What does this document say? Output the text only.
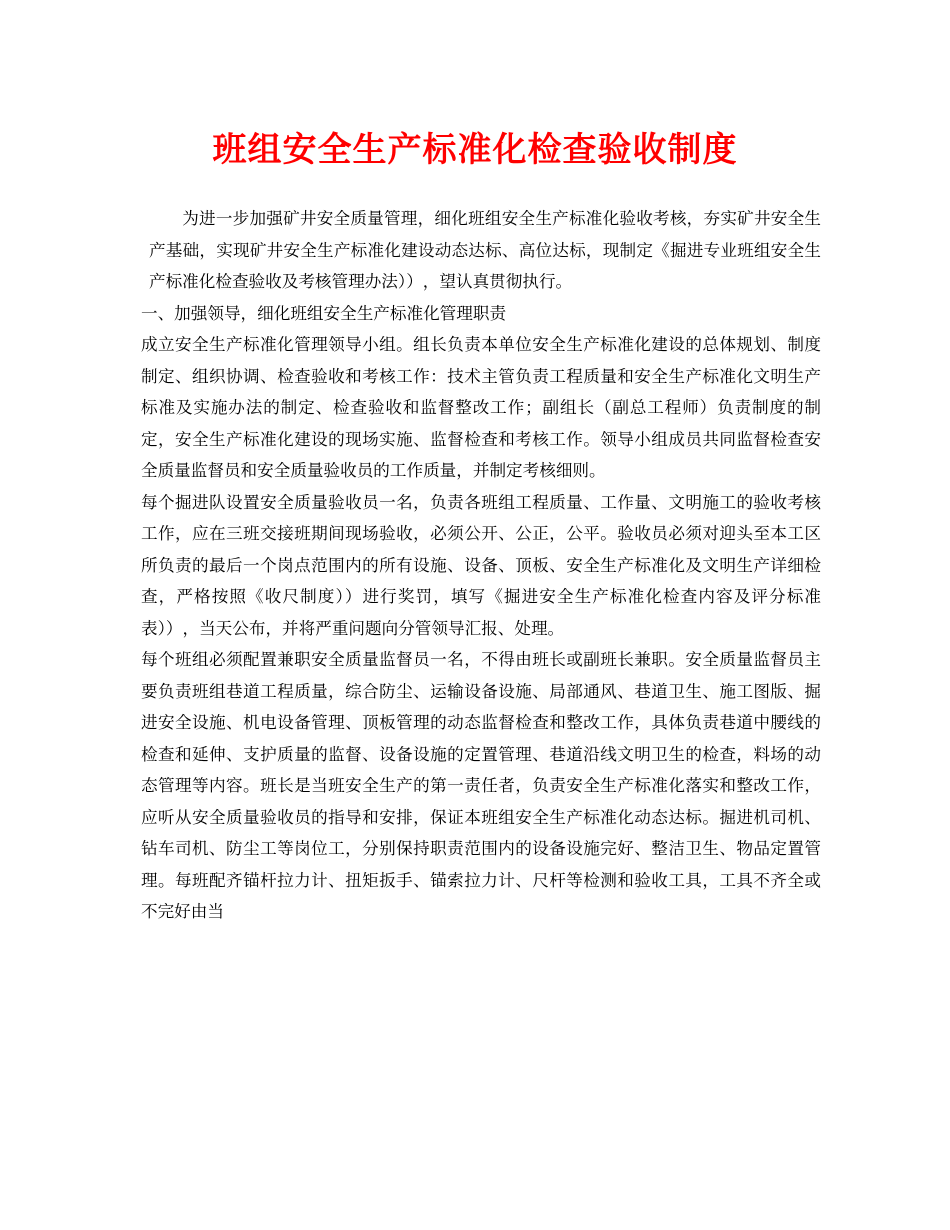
班组安全生产标准化检查验收制度

为进一步加强矿井安全质量管理，细化班组安全生产标准化验收考核，夯实矿井安全生产基础，实现矿井安全生产标准化建设动态达标、高位达标，现制定《掘进专业班组安全生产标准化检查验收及考核管理办法））﻿，望认真贯彻执行。

一、加强领导，细化班组安全生产标准化管理职责

成立安全生产标准化管理领导小组。组长负责本单位安全生产标准化建设的总体规划、制度制定、组织协调、检查验收和考核工作：技术主管负责工程质量和安全生产标准化文明生产标准及实施办法的制定、检查验收和监督整改工作；副组长（副总工程师）负责制度的制定，安全生产标准化建设的现场实施、监督检查和考核工作。领导小组成员共同监督检查安全质量监督员和安全质量验收员的工作质量，并制定考核细则。

每个掘进队设置安全质量验收员一名，负责各班组工程质量、工作量、文明施工的验收考核工作，应在三班交接班期间现场验收，必须公开、公正，公平。验收员必须对迎头至本工区所负责的最后一个岗点范围内的所有设施、设备、顶板、安全生产标准化及文明生产详细检查，严格按照《收尺制度））进行奖罚，填写《掘进安全生产标准化检查内容及评分标准表））﻿，当天公布，并将严重问题向分管领导汇报、处理。

每个班组必须配置兼职安全质量监督员一名，不得由班长或副班长兼职。安全质量监督员主要负责班组巷道工程质量，综合防尘、运输设备设施、局部通风、巷道卫生、施工图版、掘进安全设施、机电设备管理、顶板管理的动态监督检查和整改工作，具体负责巷道中腰线的检查和延伸、支护质量的监督、设备设施的定置管理、巷道沿线文明卫生的检查，料场的动态管理等内容。班长是当班安全生产的第一责任者，负责安全生产标准化落实和整改工作，应听从安全质量验收员的指导和安排，保证本班组安全生产标准化动态达标。掘进机司机、钻车司机、防尘工等岗位工，分别保持职责范围内的设备设施完好、整洁卫生、物品定置管理。每班配齐锚杆拉力计、扭矩扳手、锚索拉力计、尺杆等检测和验收工具，工具不齐全或不完好由当
